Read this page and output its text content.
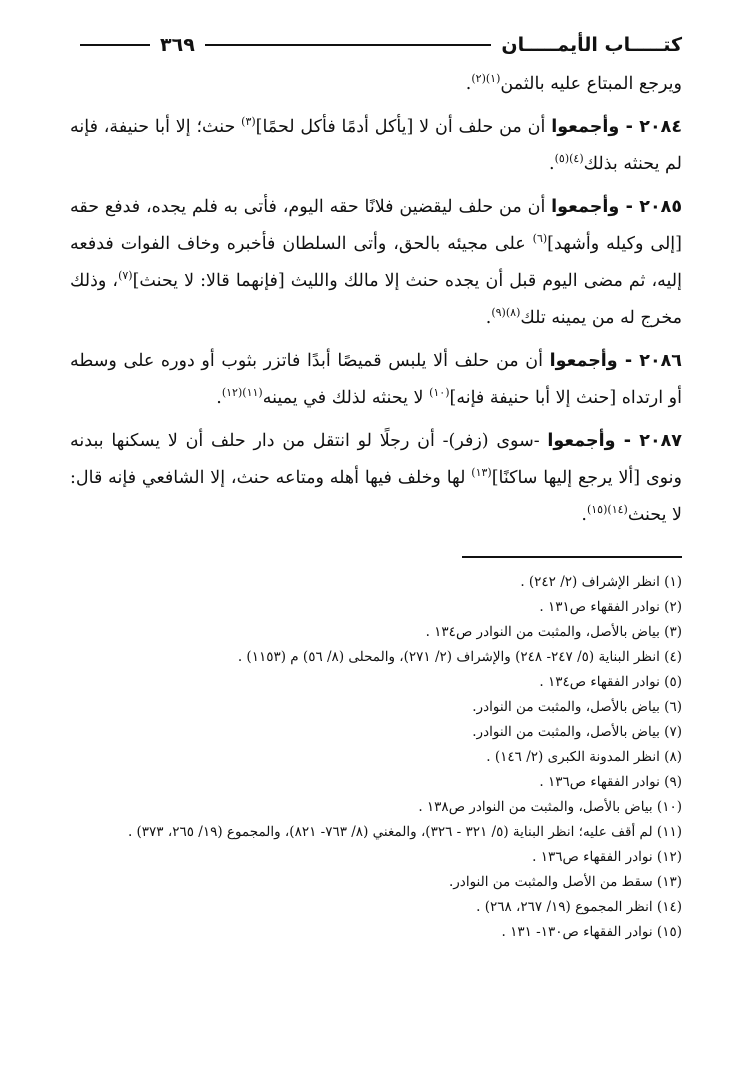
كتـــــاب الأيمـــــان
٣٦٩

ويرجع المبتاع عليه بالثمن$^{(١)(٢)}$.

٢٠٨٤ - وأجمعوا أن من حلف أن لا [يأكل أدمًا فأكل لحمًا]$^{(٣)}$ حنث؛ إلا أبا حنيفة، فإنه لم يحنثه بذلك$^{(٤)(٥)}$.

٢٠٨٥ - وأجمعوا أن من حلف ليقضين فلانًا حقه اليوم، فأتى به فلم يجده، فدفع حقه [إلى وكيله وأشهد]$^{(٦)}$ على مجيئه بالحق، وأتى السلطان فأخبره وخاف الفوات فدفعه إليه، ثم مضى اليوم قبل أن يجده حنث إلا مالك والليث [فإنهما قالا: لا يحنث]$^{(٧)}$، وذلك مخرج له من يمينه تلك$^{(٨)(٩)}$.

٢٠٨٦ - وأجمعوا أن من حلف ألا يلبس قميصًا أبدًا فاتزر بثوب أو دوره على وسطه أو ارتداه [حنث إلا أبا حنيفة فإنه]$^{(١٠)}$ لا يحنثه لذلك في يمينه$^{(١١)(١٢)}$.

٢٠٨٧ - وأجمعوا -سوى (زفر)- أن رجلًا لو انتقل من دار حلف أن لا يسكنها ببدنه ونوى [ألا يرجع إليها ساكنًا]$^{(١٣)}$ لها وخلف فيها أهله ومتاعه حنث، إلا الشافعي فإنه قال: لا يحنث$^{(١٤)(١٥)}$.

(١) انظر الإشراف (٢/ ٢٤٢) .
(٢) نوادر الفقهاء ص١٣١ .
(٣) بياض بالأصل، والمثبت من النوادر ص١٣٤ .
(٤) انظر البناية (٥/ ٢٤٧- ٢٤٨) والإشراف (٢/ ٢٧١)، والمحلى (٨/ ٥٦) م (١١٥٣) .
(٥) نوادر الفقهاء ص١٣٤ .
(٦) بياض بالأصل، والمثبت من النوادر.
(٧) بياض بالأصل، والمثبت من النوادر.
(٨) انظر المدونة الكبرى (٢/ ١٤٦) .
(٩) نوادر الفقهاء ص١٣٦ .
(١٠) بياض بالأصل، والمثبت من النوادر ص١٣٨ .
(١١) لم أقف عليه؛ انظر البناية (٥/ ٣٢١ - ٣٢٦)، والمغني (٨/ ٧٦٣- ٨٢١)، والمجموع (١٩/ ٢٦٥، ٣٧٣) .
(١٢) نوادر الفقهاء ص١٣٦ .
(١٣) سقط من الأصل والمثبت من النوادر.
(١٤) انظر المجموع (١٩/ ٢٦٧، ٢٦٨) .
(١٥) نوادر الفقهاء ص١٣٠- ١٣١ .
